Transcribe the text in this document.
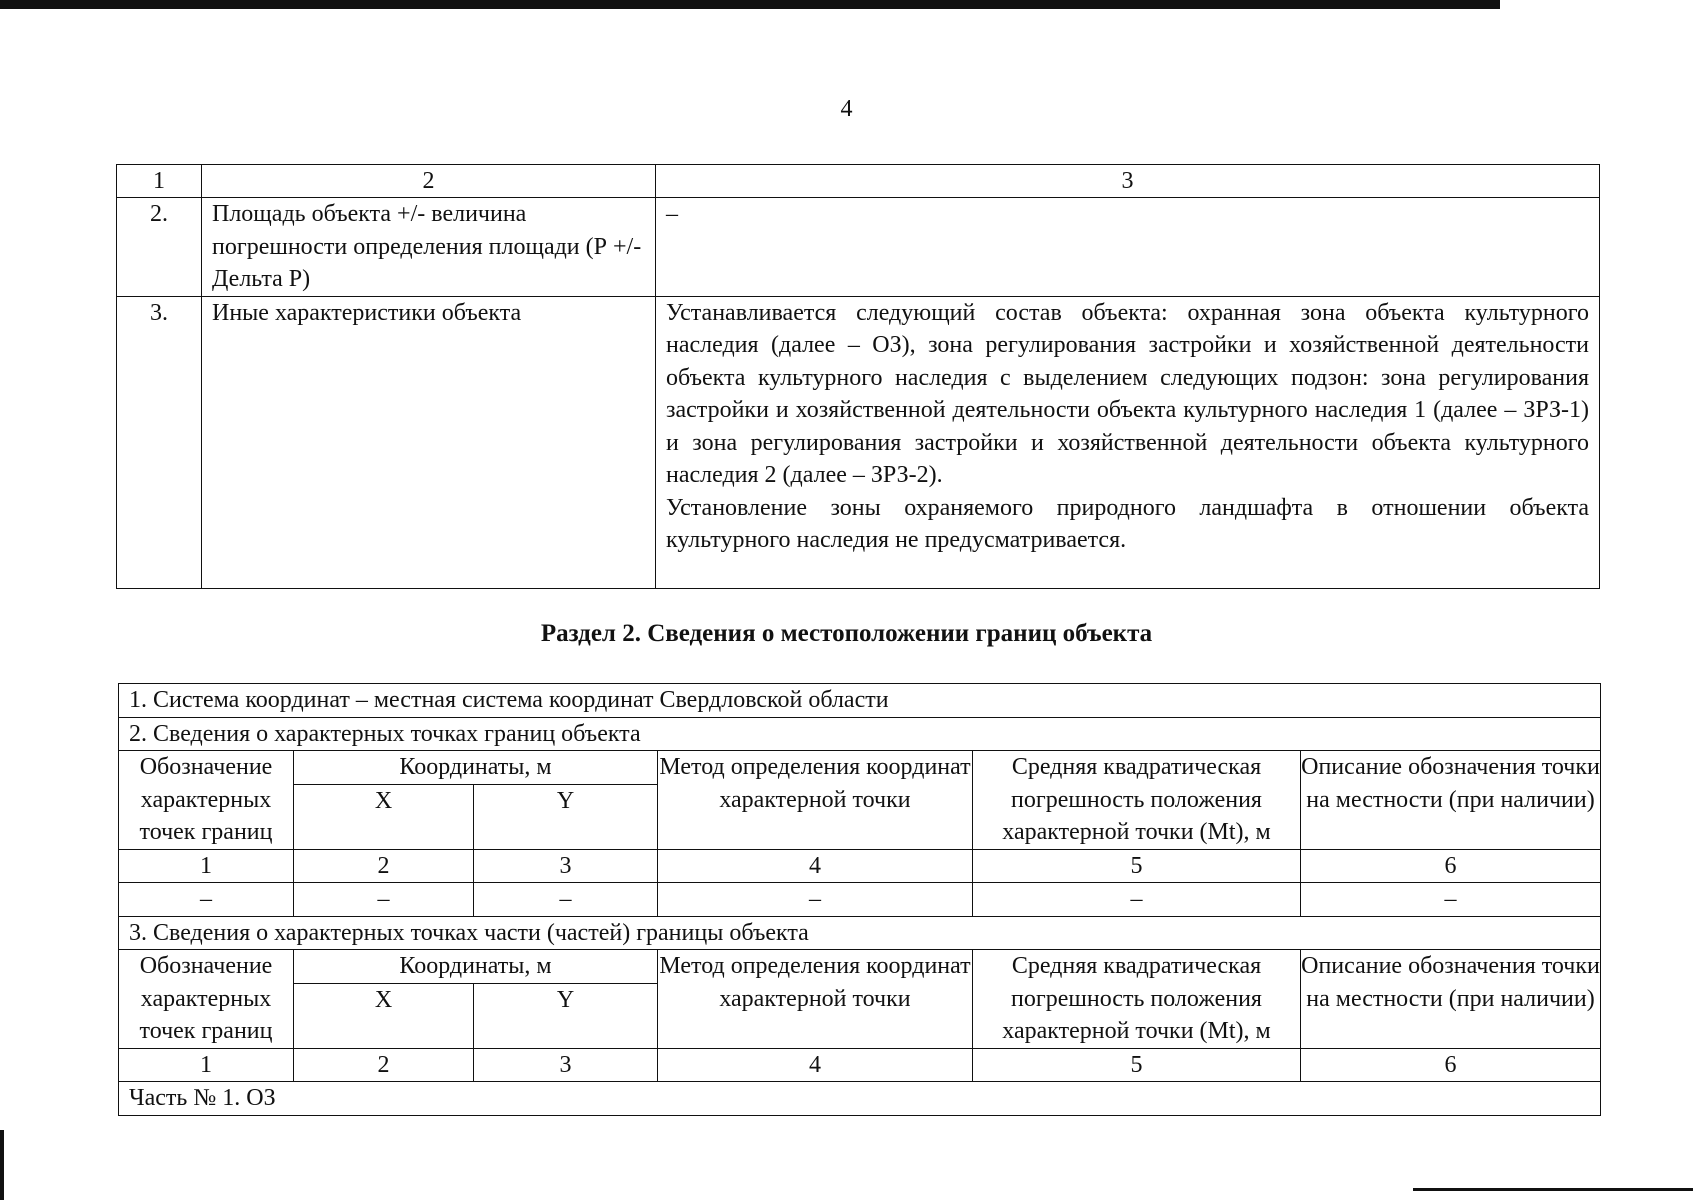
4
1	2	3
2.	Площадь объекта +/- величина погрешности определения площади (Р +/- Дельта Р)	–

3.	Иные характеристики объекта	Устанавливается следующий состав объекта: охранная зона объекта культурного наследия (далее – ОЗ), зона регулирования застройки и хозяйственной деятельности объекта культурного наследия с выделением следующих подзон: зона регулирования застройки и хозяйственной деятельности объекта культурного наследия 1 (далее – ЗРЗ-1) и зона регулирования застройки и хозяйственной деятельности объекта культурного наследия 2 (далее – ЗРЗ-2).
Установление зоны охраняемого природного ландшафта в отношении объекта культурного наследия не предусматривается.
Раздел 2. Сведения о местоположении границ объекта
1. Система координат – местная система координат Свердловской области					
2. Сведения о характерных точках границ объекта					
Обозначение характерных точек границ	Координаты, м		Метод определения координат характерной точки	Средняя квадратическая погрешность положения характерной точки (Mt), м	Описание обозначения точки на местности (при наличии)
	X	Y			
1	2	3	4	5	6
–	–	–	–	–	–
3. Сведения о характерных точках части (частей) границы объекта					
Обозначение характерных точек границ	Координаты, м		Метод определения координат характерной точки	Средняя квадратическая погрешность положения характерной точки (Mt), м	Описание обозначения точки на местности (при наличии)
	X	Y			
1	2	3	4	5	6
Часть № 1. ОЗ					
